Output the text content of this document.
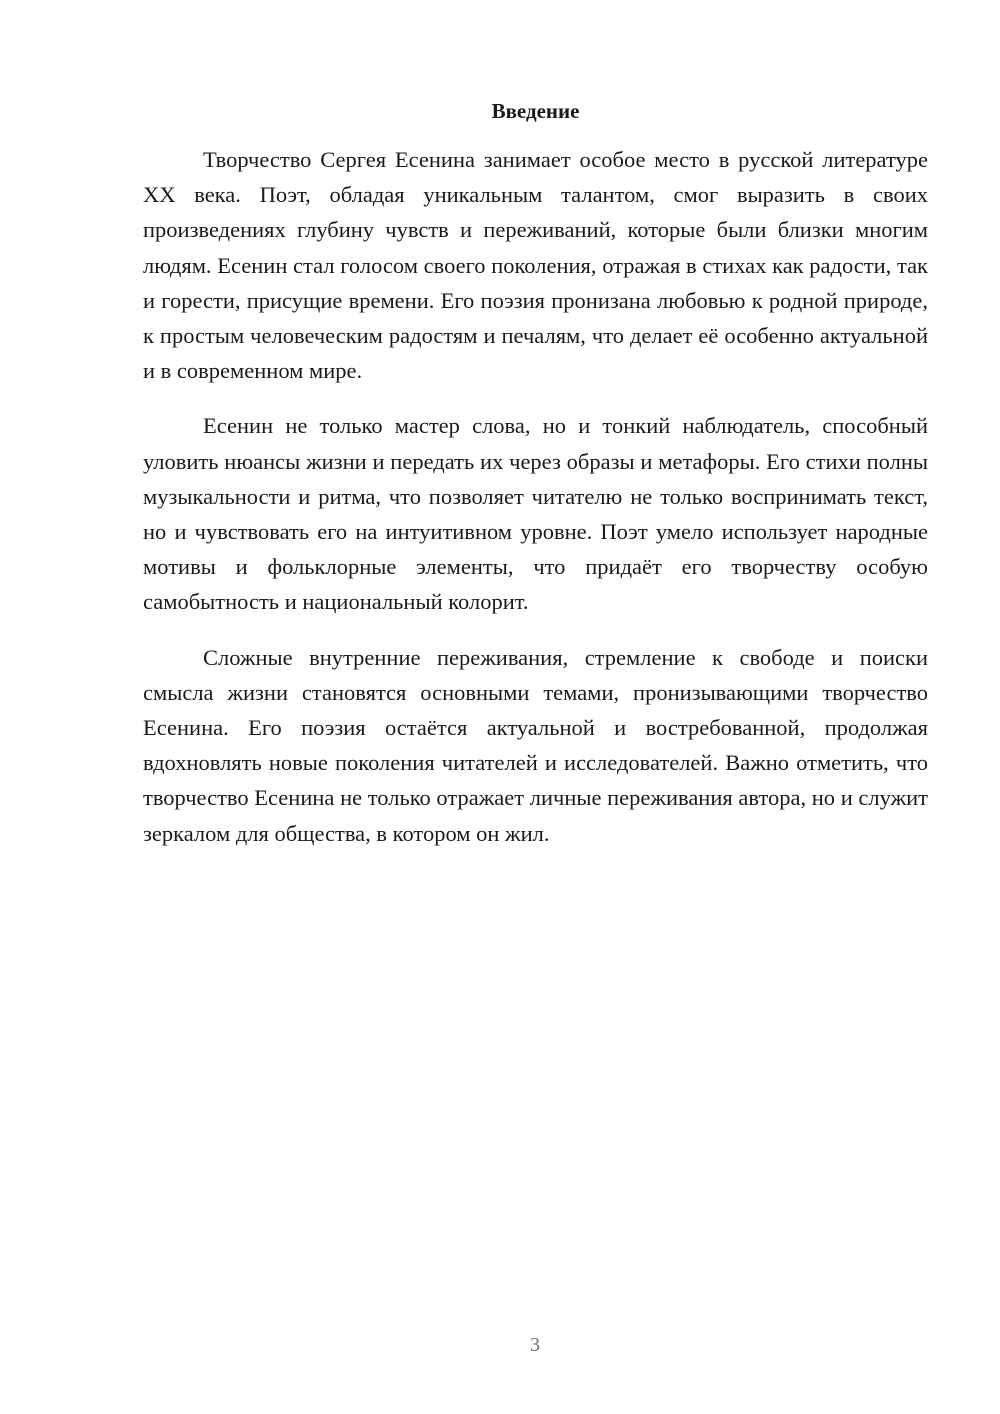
Введение

Творчество Сергея Есенина занимает особое место в русской литературе XX века. Поэт, обладая уникальным талантом, смог выразить в своих произведениях глубину чувств и переживаний, которые были близки многим людям. Есенин стал голосом своего поколения, отражая в стихах как радости, так и горести, присущие времени. Его поэзия пронизана любовью к родной природе, к простым человеческим радостям и печалям, что делает её особенно актуальной и в современном мире.

Есенин не только мастер слова, но и тонкий наблюдатель, способный уловить нюансы жизни и передать их через образы и метафоры. Его стихи полны музыкальности и ритма, что позволяет читателю не только воспринимать текст, но и чувствовать его на интуитивном уровне. Поэт умело использует народные мотивы и фольклорные элементы, что придаёт его творчеству особую самобытность и национальный колорит.

Сложные внутренние переживания, стремление к свободе и поиски смысла жизни становятся основными темами, пронизывающими творчество Есенина. Его поэзия остаётся актуальной и востребованной, продолжая вдохновлять новые поколения читателей и исследователей. Важно отметить, что творчество Есенина не только отражает личные переживания автора, но и служит зеркалом для общества, в котором он жил.

3
